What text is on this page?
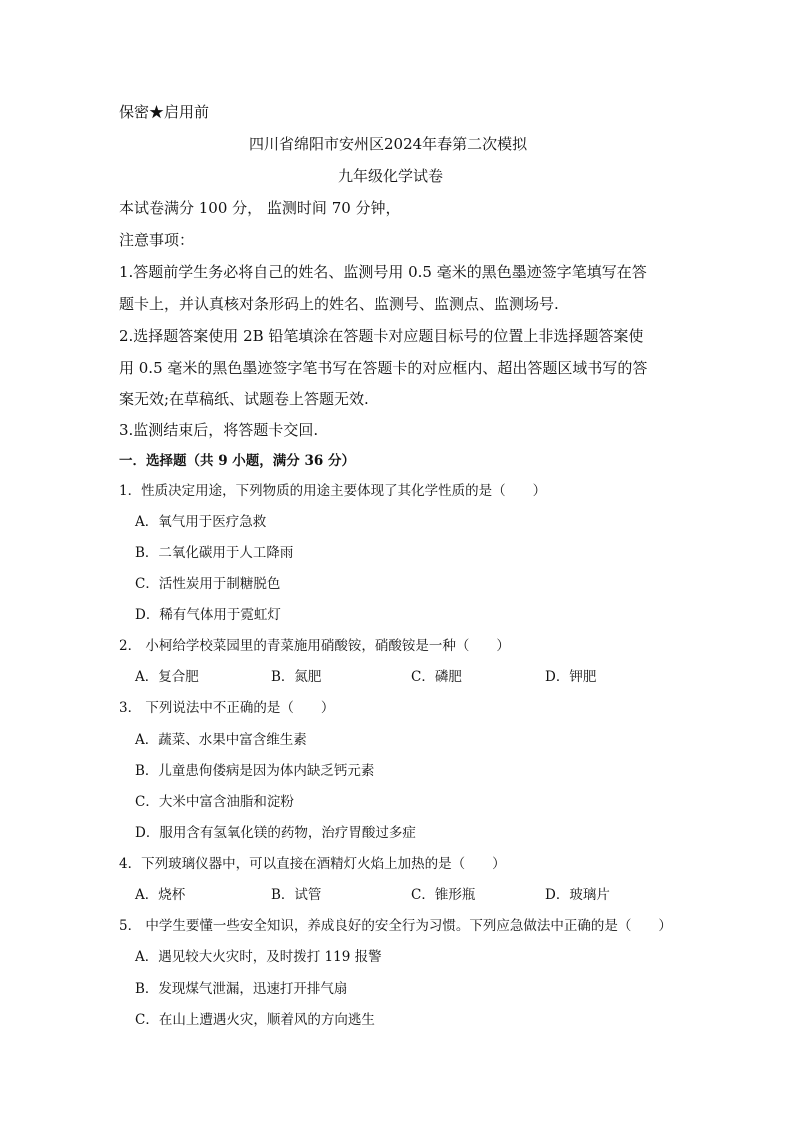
保密★启用前
四川省绵阳市安州区2024年春第二次模拟
九年级化学试卷
本试卷满分 100 分， 监测时间 70 分钟，
注意事项：
1.答题前学生务必将自己的姓名、监测号用 0.5 毫米的黑色墨迹签字笔填写在答
题卡上，并认真核对条形码上的姓名、监测号、监测点、监测场号.
2.选择题答案使用 2B 铅笔填涂在答题卡对应题目标号的位置上非选择题答案使
用 0.5 毫米的黑色墨迹签字笔书写在答题卡的对应框内、超出答题区域书写的答
案无效;在草稿纸、试题卷上答题无效.
3.监测结束后，将答题卡交回.
一．选择题（共 9 小题，满分 36 分）
1．性质决定用途，下列物质的用途主要体现了其化学性质的是（　　）
A．氧气用于医疗急救
B．二氧化碳用于人工降雨
C．活性炭用于制糖脱色
D．稀有气体用于霓虹灯
2． 小柯给学校菜园里的青菜施用硝酸铵，硝酸铵是一种（　　）
A．复合肥	B．氮肥	C．磷肥	D．钾肥
3． 下列说法中不正确的是（　　）
A．蔬菜、水果中富含维生素
B．儿童患佝偻病是因为体内缺乏钙元素
C．大米中富含油脂和淀粉
D．服用含有氢氧化镁的药物，治疗胃酸过多症
4．下列玻璃仪器中，可以直接在酒精灯火焰上加热的是（　　）
A．烧杯	B．试管	C．锥形瓶	D．玻璃片
5． 中学生要懂一些安全知识，养成良好的安全行为习惯。下列应急做法中正确的是（　　）
A．遇见较大火灾时，及时拨打 119 报警
B．发现煤气泄漏，迅速打开排气扇
C．在山上遭遇火灾，顺着风的方向逃生
